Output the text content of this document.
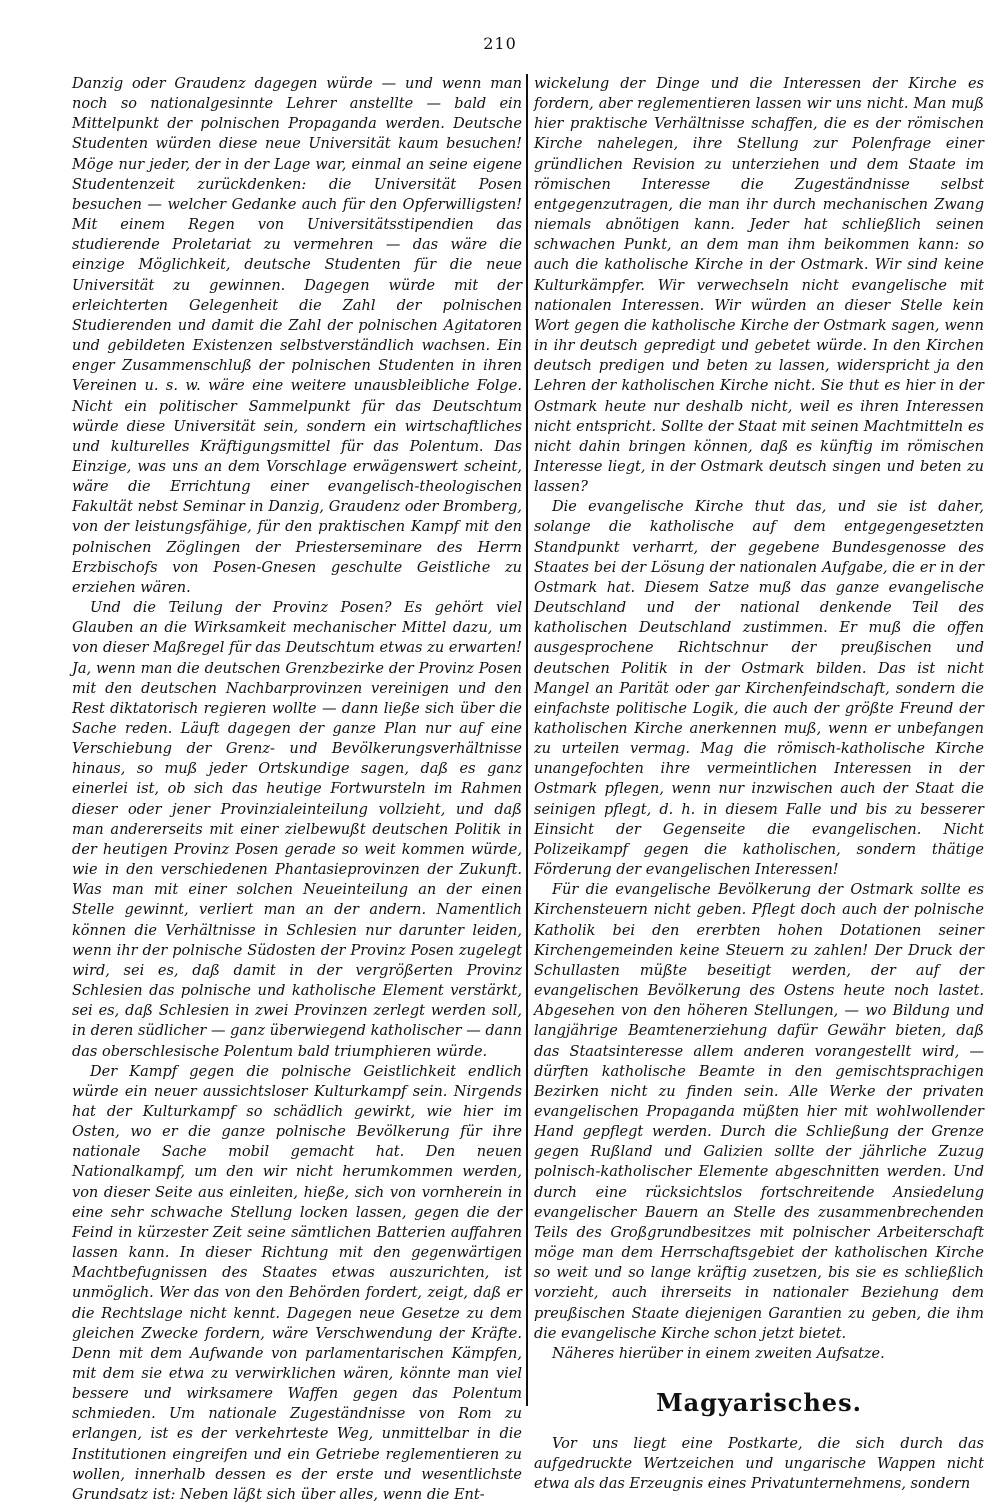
210

Danzig oder Graudenz dagegen würde — und wenn man noch so nationalgesinnte Lehrer anstellte — bald ein Mittelpunkt der polnischen Propaganda werden. Deutsche Studenten würden diese neue Universität kaum besuchen! Möge nur jeder, der in der Lage war, einmal an seine eigene Studentenzeit zurückdenken: die Universität Posen besuchen — welcher Gedanke auch für den Opferwilligsten! Mit einem Regen von Universitätsstipendien das studierende Proletariat zu vermehren — das wäre die einzige Möglichkeit, deutsche Studenten für die neue Universität zu gewinnen. Dagegen würde mit der erleichterten Gelegenheit die Zahl der polnischen Studierenden und damit die Zahl der polnischen Agitatoren und gebildeten Existenzen selbstverständlich wachsen. Ein enger Zusammenschluß der polnischen Studenten in ihren Vereinen u. s. w. wäre eine weitere unausbleibliche Folge. Nicht ein politischer Sammelpunkt für das Deutschtum würde diese Universität sein, sondern ein wirtschaftliches und kulturelles Kräftigungsmittel für das Polentum. Das Einzige, was uns an dem Vorschlage erwägenswert scheint, wäre die Errichtung einer evangelisch-theologischen Fakultät nebst Seminar in Danzig, Graudenz oder Bromberg, von der leistungsfähige, für den praktischen Kampf mit den polnischen Zöglingen der Priesterseminare des Herrn Erzbischofs von Posen-Gnesen geschulte Geistliche zu erziehen wären.

Und die Teilung der Provinz Posen? Es gehört viel Glauben an die Wirksamkeit mechanischer Mittel dazu, um von dieser Maßregel für das Deutschtum etwas zu erwarten! Ja, wenn man die deutschen Grenzbezirke der Provinz Posen mit den deutschen Nachbarprovinzen vereinigen und den Rest diktatorisch regieren wollte — dann ließe sich über die Sache reden. Läuft dagegen der ganze Plan nur auf eine Verschiebung der Grenz- und Bevölkerungsverhältnisse hinaus, so muß jeder Ortskundige sagen, daß es ganz einerlei ist, ob sich das heutige Fortwursteln im Rahmen dieser oder jener Provinzialeinteilung vollzieht, und daß man andererseits mit einer zielbewußt deutschen Politik in der heutigen Provinz Posen gerade so weit kommen würde, wie in den verschiedenen Phantasieprovinzen der Zukunft. Was man mit einer solchen Neueinteilung an der einen Stelle gewinnt, verliert man an der andern. Namentlich können die Verhältnisse in Schlesien nur darunter leiden, wenn ihr der polnische Südosten der Provinz Posen zugelegt wird, sei es, daß damit in der vergrößerten Provinz Schlesien das polnische und katholische Element verstärkt, sei es, daß Schlesien in zwei Provinzen zerlegt werden soll, in deren südlicher — ganz überwiegend katholischer — dann das oberschlesische Polentum bald triumphieren würde.

Der Kampf gegen die polnische Geistlichkeit endlich würde ein neuer aussichtsloser Kulturkampf sein. Nirgends hat der Kulturkampf so schädlich gewirkt, wie hier im Osten, wo er die ganze polnische Bevölkerung für ihre nationale Sache mobil gemacht hat. Den neuen Nationalkampf, um den wir nicht herumkommen werden, von dieser Seite aus einleiten, hieße, sich von vornherein in eine sehr schwache Stellung locken lassen, gegen die der Feind in kürzester Zeit seine sämtlichen Batterien auffahren lassen kann. In dieser Richtung mit den gegenwärtigen Machtbefugnissen des Staates etwas auszurichten, ist unmöglich. Wer das von den Behörden fordert, zeigt, daß er die Rechtslage nicht kennt. Dagegen neue Gesetze zu dem gleichen Zwecke fordern, wäre Verschwendung der Kräfte. Denn mit dem Aufwande von parlamentarischen Kämpfen, mit dem sie etwa zu verwirklichen wären, könnte man viel bessere und wirksamere Waffen gegen das Polentum schmieden. Um nationale Zugeständnisse von Rom zu erlangen, ist es der verkehrteste Weg, unmittelbar in die Institutionen eingreifen und ein Getriebe reglementieren zu wollen, innerhalb dessen es der erste und wesentlichste Grundsatz ist: Neben läßt sich über alles, wenn die Ent-

wickelung der Dinge und die Interessen der Kirche es fordern, aber reglementieren lassen wir uns nicht. Man muß hier praktische Verhältnisse schaffen, die es der römischen Kirche nahelegen, ihre Stellung zur Polenfrage einer gründlichen Revision zu unterziehen und dem Staate im römischen Interesse die Zugeständnisse selbst entgegenzutragen, die man ihr durch mechanischen Zwang niemals abnötigen kann. Jeder hat schließlich seinen schwachen Punkt, an dem man ihm beikommen kann: so auch die katholische Kirche in der Ostmark. Wir sind keine Kulturkämpfer. Wir verwechseln nicht evangelische mit nationalen Interessen. Wir würden an dieser Stelle kein Wort gegen die katholische Kirche der Ostmark sagen, wenn in ihr deutsch gepredigt und gebetet würde. In den Kirchen deutsch predigen und beten zu lassen, widerspricht ja den Lehren der katholischen Kirche nicht. Sie thut es hier in der Ostmark heute nur deshalb nicht, weil es ihren Interessen nicht entspricht. Sollte der Staat mit seinen Machtmitteln es nicht dahin bringen können, daß es künftig im römischen Interesse liegt, in der Ostmark deutsch singen und beten zu lassen?

Die evangelische Kirche thut das, und sie ist daher, solange die katholische auf dem entgegengesetzten Standpunkt verharrt, der gegebene Bundesgenosse des Staates bei der Lösung der nationalen Aufgabe, die er in der Ostmark hat. Diesem Satze muß das ganze evangelische Deutschland und der national denkende Teil des katholischen Deutschland zustimmen. Er muß die offen ausgesprochene Richtschnur der preußischen und deutschen Politik in der Ostmark bilden. Das ist nicht Mangel an Parität oder gar Kirchenfeindschaft, sondern die einfachste politische Logik, die auch der größte Freund der katholischen Kirche anerkennen muß, wenn er unbefangen zu urteilen vermag. Mag die römisch-katholische Kirche unangefochten ihre vermeintlichen Interessen in der Ostmark pflegen, wenn nur inzwischen auch der Staat die seinigen pflegt, d. h. in diesem Falle und bis zu besserer Einsicht der Gegenseite die evangelischen. Nicht Polizeikampf gegen die katholischen, sondern thätige Förderung der evangelischen Interessen!

Für die evangelische Bevölkerung der Ostmark sollte es Kirchensteuern nicht geben. Pflegt doch auch der polnische Katholik bei den ererbten hohen Dotationen seiner Kirchengemeinden keine Steuern zu zahlen! Der Druck der Schullasten müßte beseitigt werden, der auf der evangelischen Bevölkerung des Ostens heute noch lastet. Abgesehen von den höheren Stellungen, — wo Bildung und langjährige Beamtenerziehung dafür Gewähr bieten, daß das Staatsinteresse allem anderen vorangestellt wird, — dürften katholische Beamte in den gemischtsprachigen Bezirken nicht zu finden sein. Alle Werke der privaten evangelischen Propaganda müßten hier mit wohlwollender Hand gepflegt werden. Durch die Schließung der Grenze gegen Rußland und Galizien sollte der jährliche Zuzug polnisch-katholischer Elemente abgeschnitten werden. Und durch eine rücksichtslos fortschreitende Ansiedelung evangelischer Bauern an Stelle des zusammenbrechenden Teils des Großgrundbesitzes mit polnischer Arbeiterschaft möge man dem Herrschaftsgebiet der katholischen Kirche so weit und so lange kräftig zusetzen, bis sie es schließlich vorzieht, auch ihrerseits in nationaler Beziehung dem preußischen Staate diejenigen Garantien zu geben, die ihm die evangelische Kirche schon jetzt bietet.

Näheres hierüber in einem zweiten Aufsatze.

Magyarisches.

Vor uns liegt eine Postkarte, die sich durch das aufgedruckte Wertzeichen und ungarische Wappen nicht etwa als das Erzeugnis eines Privatunternehmens, sondern
